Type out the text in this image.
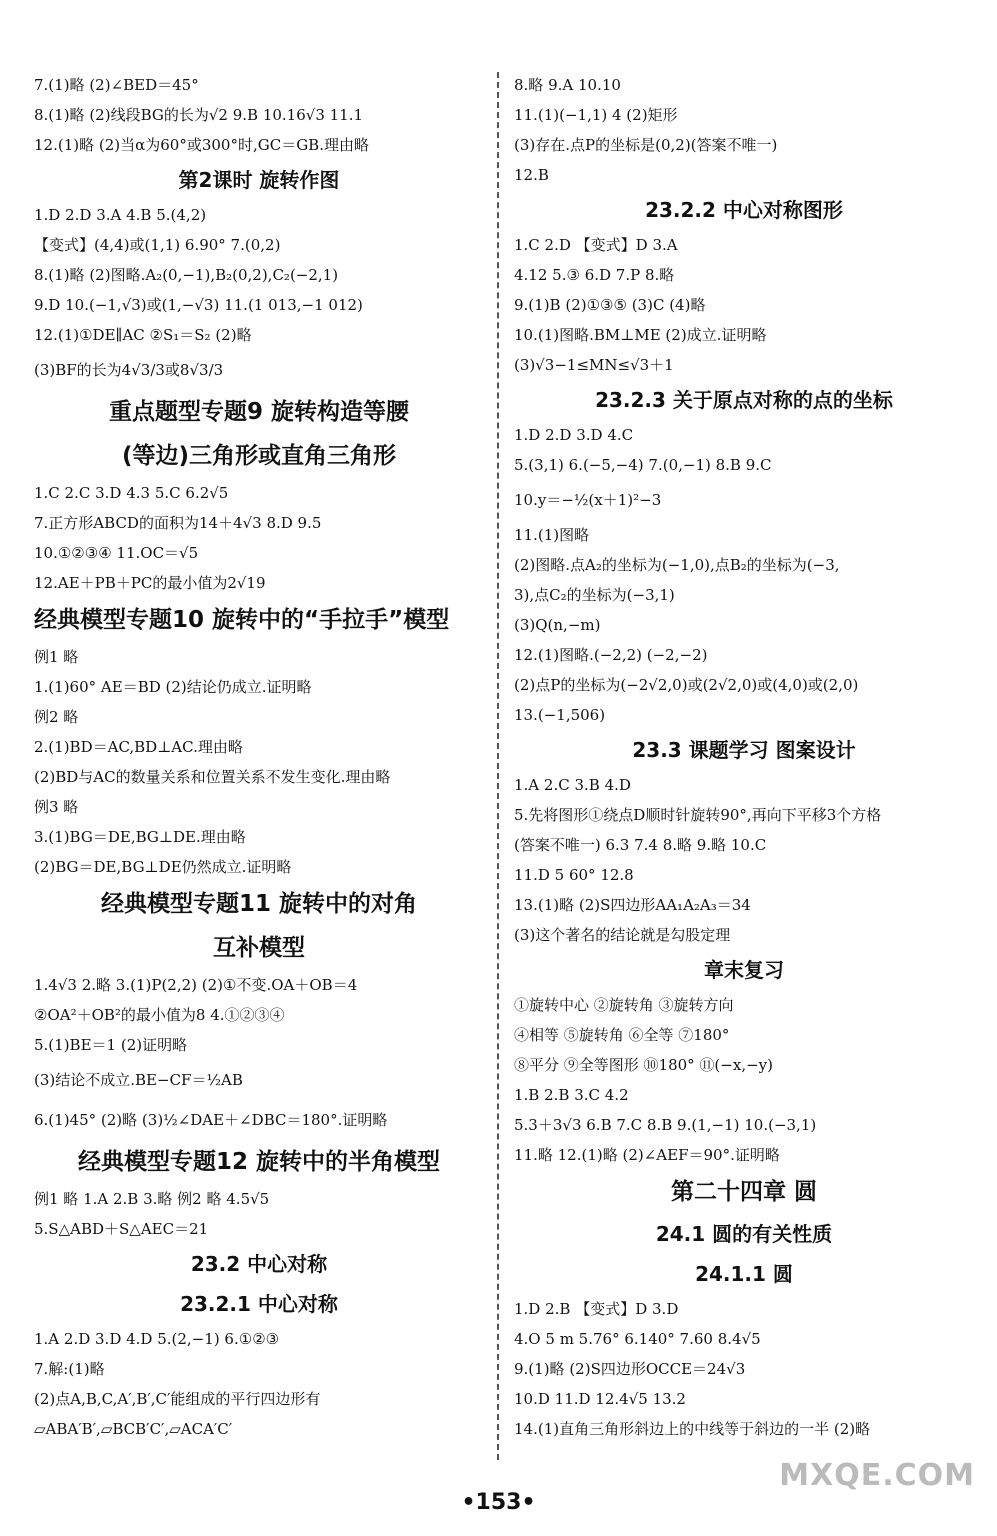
7.(1)略 (2)∠BED＝45°
8.(1)略 (2)线段BG的长为√2 9.B 10.16√3 11.1
12.(1)略 (2)当α为60°或300°时,GC＝GB.理由略
第2课时 旋转作图
1.D 2.D 3.A 4.B 5.(4,2)
【变式】(4,4)或(1,1) 6.90° 7.(0,2)
8.(1)略 (2)图略.A₂(0,−1),B₂(0,2),C₂(−2,1)
9.D 10.(−1,√3)或(1,−√3) 11.(1 013,−1 012)
12.(1)①DE∥AC ②S₁＝S₂ (2)略
(3)BF的长为4√3/3或8√3/3
重点题型专题9 旋转构造等腰
(等边)三角形或直角三角形
1.C 2.C 3.D 4.3 5.C 6.2√5
7.正方形ABCD的面积为14＋4√3 8.D 9.5
10.①②③④ 11.OC＝√5
12.AE＋PB＋PC的最小值为2√19
经典模型专题10 旋转中的“手拉手”模型
例1 略
1.(1)60° AE＝BD (2)结论仍成立.证明略
例2 略
2.(1)BD＝AC,BD⊥AC.理由略
(2)BD与AC的数量关系和位置关系不发生变化.理由略
例3 略
3.(1)BG＝DE,BG⊥DE.理由略
(2)BG＝DE,BG⊥DE仍然成立.证明略
经典模型专题11 旋转中的对角
互补模型
1.4√3 2.略 3.(1)P(2,2) (2)①不变.OA＋OB＝4
②OA²＋OB²的最小值为8 4.①②③④
5.(1)BE＝1 (2)证明略
(3)结论不成立.BE−CF＝½AB
6.(1)45° (2)略 (3)½∠DAE＋∠DBC＝180°.证明略
经典模型专题12 旋转中的半角模型
例1 略 1.A 2.B 3.略 例2 略 4.5√5
5.S△ABD＋S△AEC＝21
23.2 中心对称
23.2.1 中心对称
1.A 2.D 3.D 4.D 5.(2,−1) 6.①②③
7.解:(1)略
(2)点A,B,C,A′,B′,C′能组成的平行四边形有
▱ABA′B′,▱BCB′C′,▱ACA′C′
8.略 9.A 10.10
11.(1)(−1,1) 4 (2)矩形
(3)存在.点P的坐标是(0,2)(答案不唯一)
12.B
23.2.2 中心对称图形
1.C 2.D 【变式】D 3.A
4.12 5.③ 6.D 7.P 8.略
9.(1)B (2)①③⑤ (3)C (4)略
10.(1)图略.BM⊥ME (2)成立.证明略
(3)√3−1≤MN≤√3＋1
23.2.3 关于原点对称的点的坐标
1.D 2.D 3.D 4.C
5.(3,1) 6.(−5,−4) 7.(0,−1) 8.B 9.C
10.y＝−½(x＋1)²−3
11.(1)图略
(2)图略.点A₂的坐标为(−1,0),点B₂的坐标为(−3,
3),点C₂的坐标为(−3,1)
(3)Q(n,−m)
12.(1)图略.(−2,2) (−2,−2)
(2)点P的坐标为(−2√2,0)或(2√2,0)或(4,0)或(2,0)
13.(−1,506)
23.3 课题学习 图案设计
1.A 2.C 3.B 4.D
5.先将图形①绕点D顺时针旋转90°,再向下平移3个方格
(答案不唯一) 6.3 7.4 8.略 9.略 10.C
11.D 5 60° 12.8
13.(1)略 (2)S四边形AA₁A₂A₃＝34
(3)这个著名的结论就是勾股定理
章末复习
①旋转中心 ②旋转角 ③旋转方向
④相等 ⑤旋转角 ⑥全等 ⑦180°
⑧平分 ⑨全等图形 ⑩180° ⑪(−x,−y)
1.B 2.B 3.C 4.2
5.3＋3√3 6.B 7.C 8.B 9.(1,−1) 10.(−3,1)
11.略 12.(1)略 (2)∠AEF＝90°.证明略
第二十四章 圆
24.1 圆的有关性质
24.1.1 圆
1.D 2.B 【变式】D 3.D
4.O 5 m 5.76° 6.140° 7.60 8.4√5
9.(1)略 (2)S四边形OCCE＝24√3
10.D 11.D 12.4√5 13.2
14.(1)直角三角形斜边上的中线等于斜边的一半 (2)略
•153•
MXQE.COM
